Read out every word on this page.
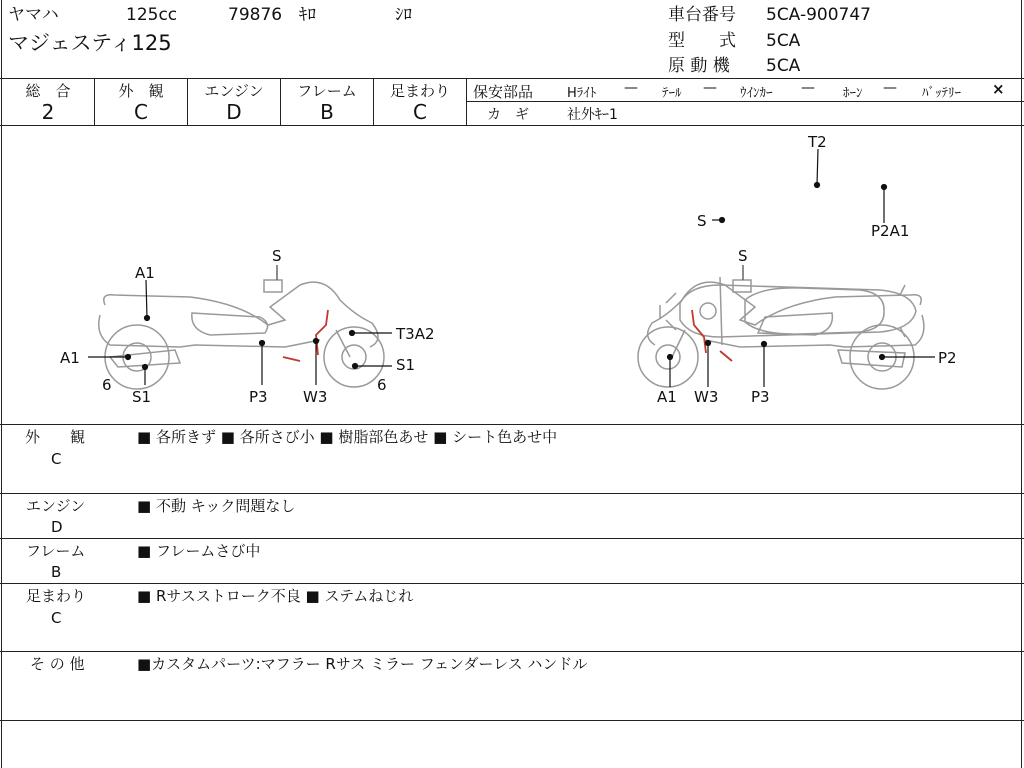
ヤマハ	125cc	79876 ｷﾛ	ｼﾛ
マジェスティ125
車台番号 5CA-900747
型　　式 5CA
原 動 機 5CA
総　合
2
外　観
C
エンジン
D
フレーム
B
足まわり
C
保安部品	Hﾗｲﾄ — ﾃｰﾙ — ｳｲﾝｶｰ — ﾎｰﾝ — ﾊﾞｯﾃﾘｰ ×
カ　ギ	社外ｷｰ1
T2
S
P2A1
S
A1
A1
6
S1	P3 W3
6
S1
T3A2
S
A1 W3 P3
P2
外　　観
C
■ 各所きず ■ 各所さび小 ■ 樹脂部色あせ ■ シート色あせ中
エンジン
D
■ 不動 キック問題なし
フレーム
B
■ フレームさび中
足まわり
C
■ Rサスストローク不良 ■ ステムねじれ
そ の 他	■カスタムパーツ:マフラー Rサス ミラー フェンダーレス ハンドル
